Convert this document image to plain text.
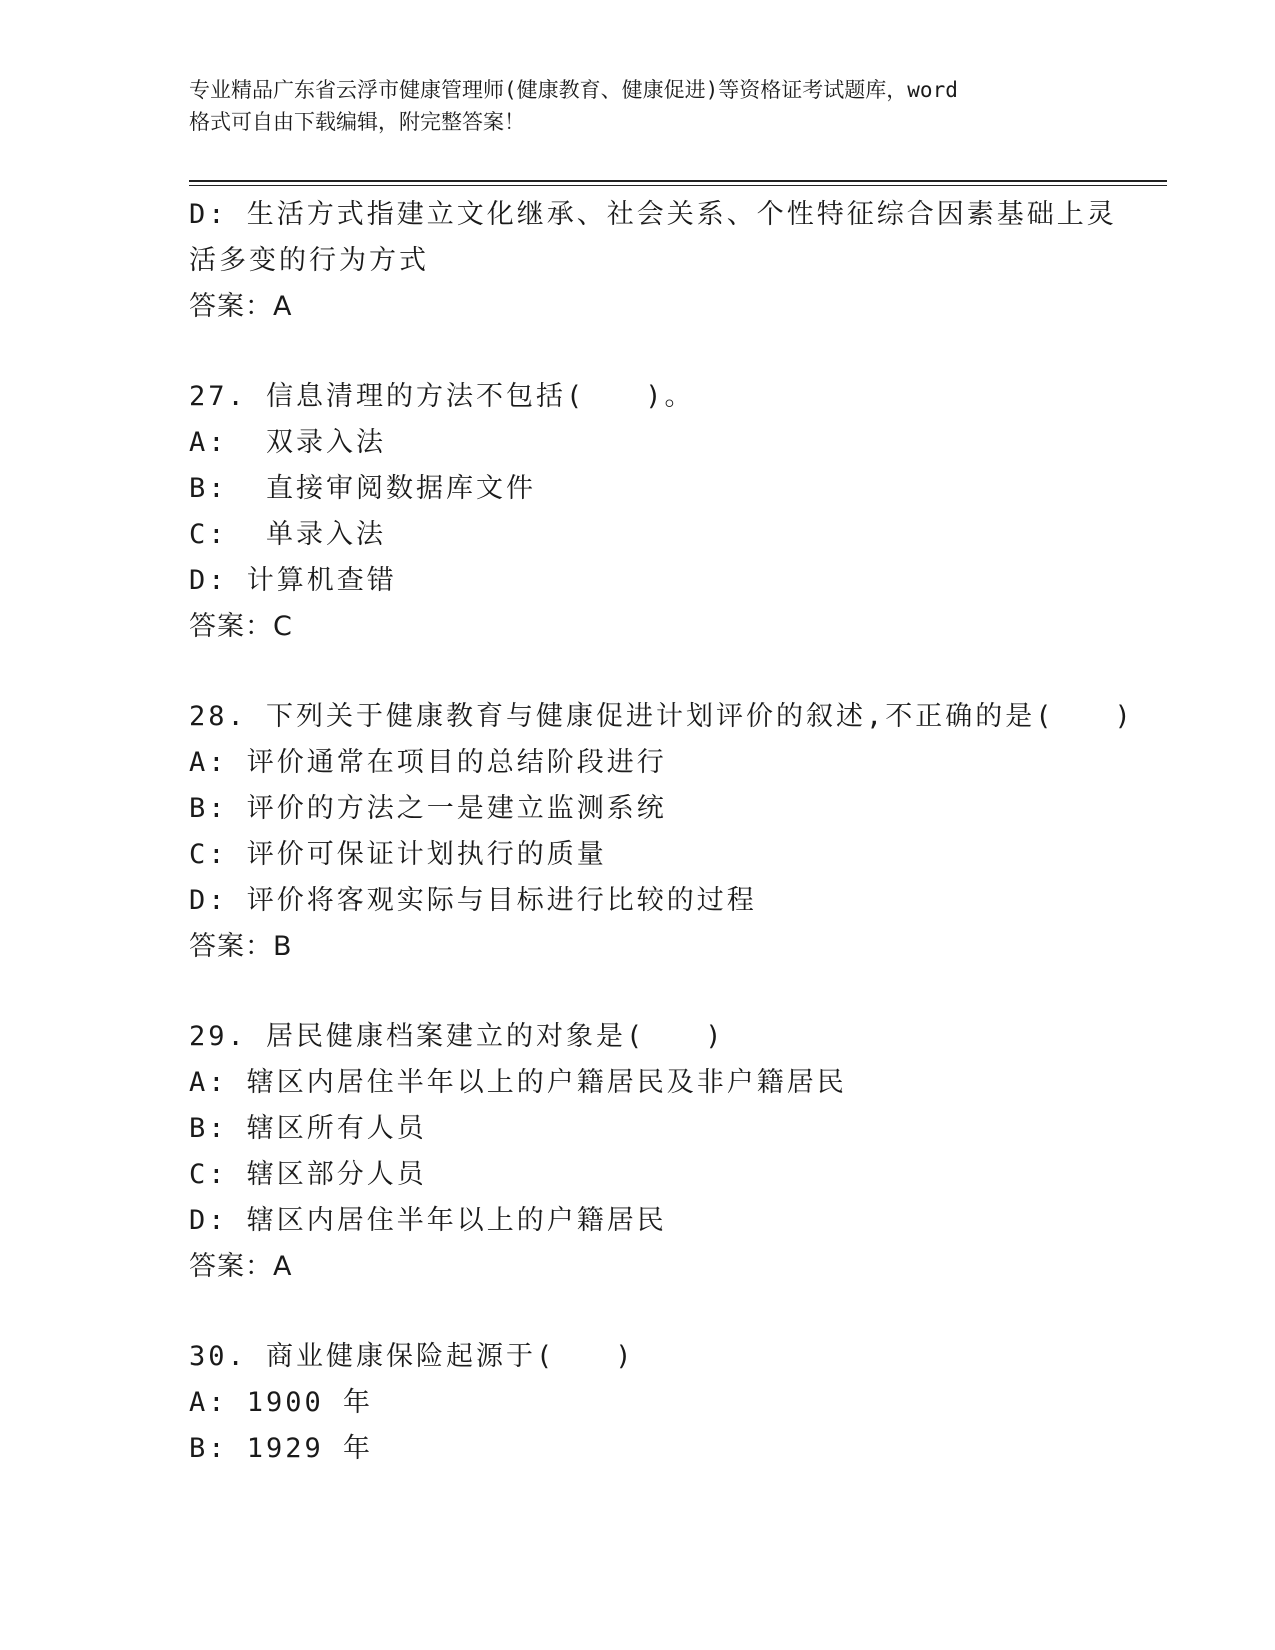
专业精品广东省云浮市健康管理师(健康教育、健康促进)等资格证考试题库，word
格式可自由下载编辑，附完整答案！
D: 生活方式指建立文化继承、社会关系、个性特征综合因素基础上灵
活多变的行为方式
答案：A
27. 信息清理的方法不包括(　　)。
A:  双录入法
B:  直接审阅数据库文件
C:  单录入法
D: 计算机查错
答案：C
28. 下列关于健康教育与健康促进计划评价的叙述,不正确的是(　　)
A: 评价通常在项目的总结阶段进行
B: 评价的方法之一是建立监测系统
C: 评价可保证计划执行的质量
D: 评价将客观实际与目标进行比较的过程
答案：B
29. 居民健康档案建立的对象是(　　)
A: 辖区内居住半年以上的户籍居民及非户籍居民
B: 辖区所有人员
C: 辖区部分人员
D: 辖区内居住半年以上的户籍居民
答案：A
30. 商业健康保险起源于(　　)
A: 1900 年
B: 1929 年
